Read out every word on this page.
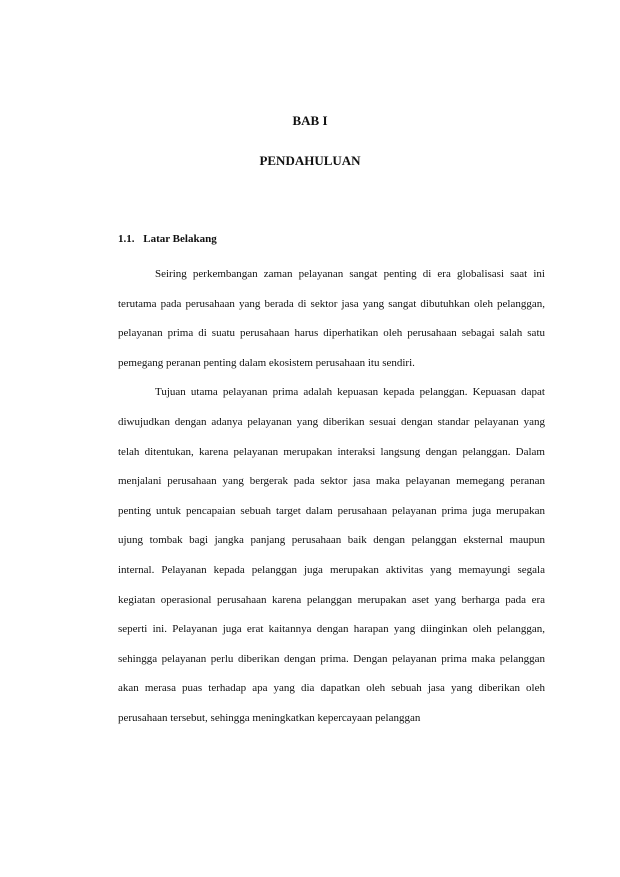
BAB I
PENDAHULUAN
1.1. Latar Belakang

Seiring perkembangan zaman pelayanan sangat penting di era globalisasi saat ini terutama pada perusahaan yang berada di sektor jasa yang sangat dibutuhkan oleh pelanggan, pelayanan prima di suatu perusahaan harus diperhatikan oleh perusahaan sebagai salah satu pemegang peranan penting dalam ekosistem perusahaan itu sendiri.

Tujuan utama pelayanan prima adalah kepuasan kepada pelanggan. Kepuasan dapat diwujudkan dengan adanya pelayanan yang diberikan sesuai dengan standar pelayanan yang telah ditentukan, karena pelayanan merupakan interaksi langsung dengan pelanggan. Dalam menjalani perusahaan yang bergerak pada sektor jasa maka pelayanan memegang peranan penting untuk pencapaian sebuah target dalam perusahaan pelayanan prima juga merupakan ujung tombak bagi jangka panjang perusahaan baik dengan pelanggan eksternal maupun internal. Pelayanan kepada pelanggan juga merupakan aktivitas yang memayungi segala kegiatan operasional perusahaan karena pelanggan merupakan aset yang berharga pada era seperti ini. Pelayanan juga erat kaitannya dengan harapan yang diinginkan oleh pelanggan, sehingga pelayanan perlu diberikan dengan prima. Dengan pelayanan prima maka pelanggan akan merasa puas terhadap apa yang dia dapatkan oleh sebuah jasa yang diberikan oleh perusahaan tersebut, sehingga meningkatkan kepercayaan pelanggan
